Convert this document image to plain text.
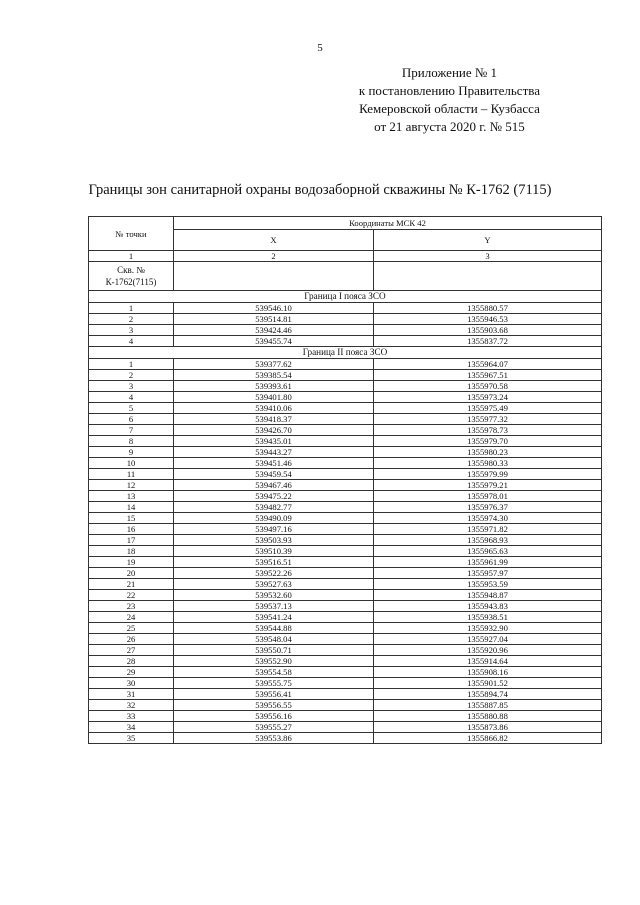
5
Приложение № 1
к постановлению Правительства
Кемеровской области – Кузбасса
от 21 августа 2020 г. № 515
Границы зон санитарной охраны водозаборной скважины № К-1762 (7115)
№ точки	Координаты МСК 42	
	X	Y
1	2	3
Скв. № К-1762(7115)		
Граница I пояса ЗСО		
1	539546.10	1355880.57
2	539514.81	1355946.53
3	539424.46	1355903.68
4	539455.74	1355837.72
Граница II пояса ЗСО		
1	539377.62	1355964.07
2	539385.54	1355967.51
3	539393.61	1355970.58
4	539401.80	1355973.24
5	539410.06	1355975.49
6	539418.37	1355977.32
7	539426.70	1355978.73
8	539435.01	1355979.70
9	539443.27	1355980.23
10	539451.46	1355980.33
11	539459.54	1355979.99
12	539467.46	1355979.21
13	539475.22	1355978.01
14	539482.77	1355976.37
15	539490.09	1355974.30
16	539497.16	1355971.82
17	539503.93	1355968.93
18	539510.39	1355965.63
19	539516.51	1355961.99
20	539522.26	1355957.97
21	539527.63	1355953.59
22	539532.60	1355948.87
23	539537.13	1355943.83
24	539541.24	1355938.51
25	539544.88	1355932.90
26	539548.04	1355927.04
27	539550.71	1355920.96
28	539552.90	1355914.64
29	539554.58	1355908.16
30	539555.75	1355901.52
31	539556.41	1355894.74
32	539556.55	1355887.85
33	539556.16	1355880.88
34	539555.27	1355873.86
35	539553.86	1355866.82
